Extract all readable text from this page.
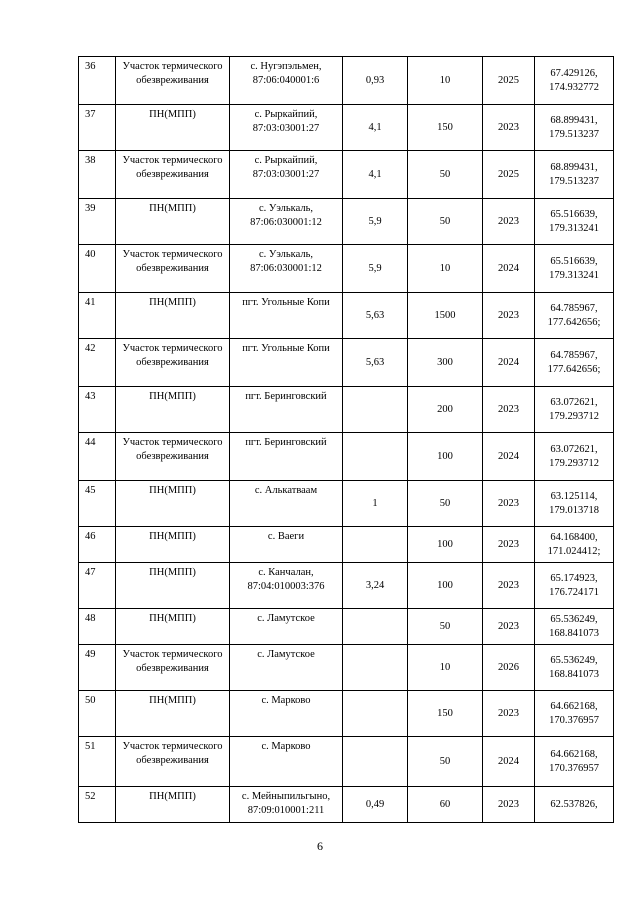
36	Участок термического обезвреживания	с. Нугэпэльмен, 87:06:040001:6	0,93	10	2025	67.429126, 174.932772
37	ПН(МПП)	с. Рыркайпий, 87:03:03001:27	4,1	150	2023	68.899431, 179.513237
38	Участок термического обезвреживания	с. Рыркайпий, 87:03:03001:27	4,1	50	2025	68.899431, 179.513237
39	ПН(МПП)	с. Уэлькаль, 87:06:030001:12	5,9	50	2023	65.516639, 179.313241
40	Участок термического обезвреживания	с. Уэлькаль, 87:06:030001:12	5,9	10	2024	65.516639, 179.313241
41	ПН(МПП)	пгт. Угольные Копи	5,63	1500	2023	64.785967, 177.642656;
42	Участок термического обезвреживания	пгт. Угольные Копи	5,63	300	2024	64.785967, 177.642656;
43	ПН(МПП)	пгт. Беринговский		200	2023	63.072621, 179.293712
44	Участок термического обезвреживания	пгт. Беринговский		100	2024	63.072621, 179.293712
45	ПН(МПП)	с. Алькатваам	1	50	2023	63.125114, 179.013718
46	ПН(МПП)	с. Ваеги		100	2023	64.168400, 171.024412;
47	ПН(МПП)	с. Канчалан, 87:04:010003:376	3,24	100	2023	65.174923, 176.724171
48	ПН(МПП)	с. Ламутское		50	2023	65.536249, 168.841073
49	Участок термического обезвреживания	с. Ламутское		10	2026	65.536249, 168.841073
50	ПН(МПП)	с. Марково		150	2023	64.662168, 170.376957
51	Участок термического обезвреживания	с. Марково		50	2024	64.662168, 170.376957
52	ПН(МПП)	с. Мейныпильгыно, 87:09:010001:211	0,49	60	2023	62.537826,
6
